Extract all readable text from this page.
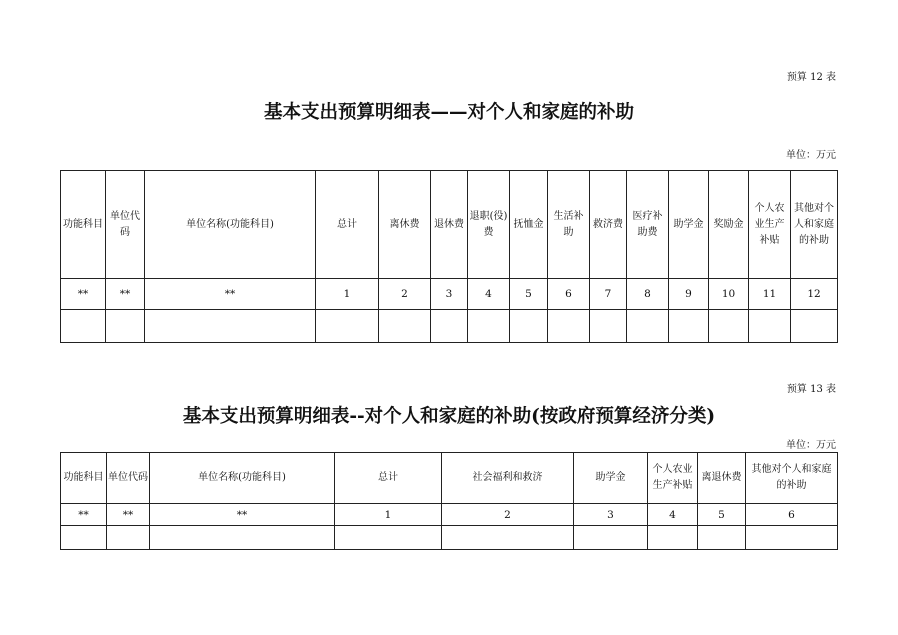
预算 12 表
基本支出预算明细表——对个人和家庭的补助
单位：万元
功能科目	单位代码	单位名称(功能科目)	总计	离休费	退休费	退职(役)费	抚恤金	生活补助	救济费	医疗补助费	助学金	奖励金	个人农业生产补贴	其他对个人和家庭的补助
**	**	**	1	2	3	4	5	6	7	8	9	10	11	12

预算 13 表
基本支出预算明细表--对个人和家庭的补助(按政府预算经济分类)
单位：万元
功能科目	单位代码	单位名称(功能科目)	总计	社会福利和救济	助学金	个人农业生产补贴	离退休费	其他对个人和家庭的补助
**	**	**	1	2	3	4	5	6
